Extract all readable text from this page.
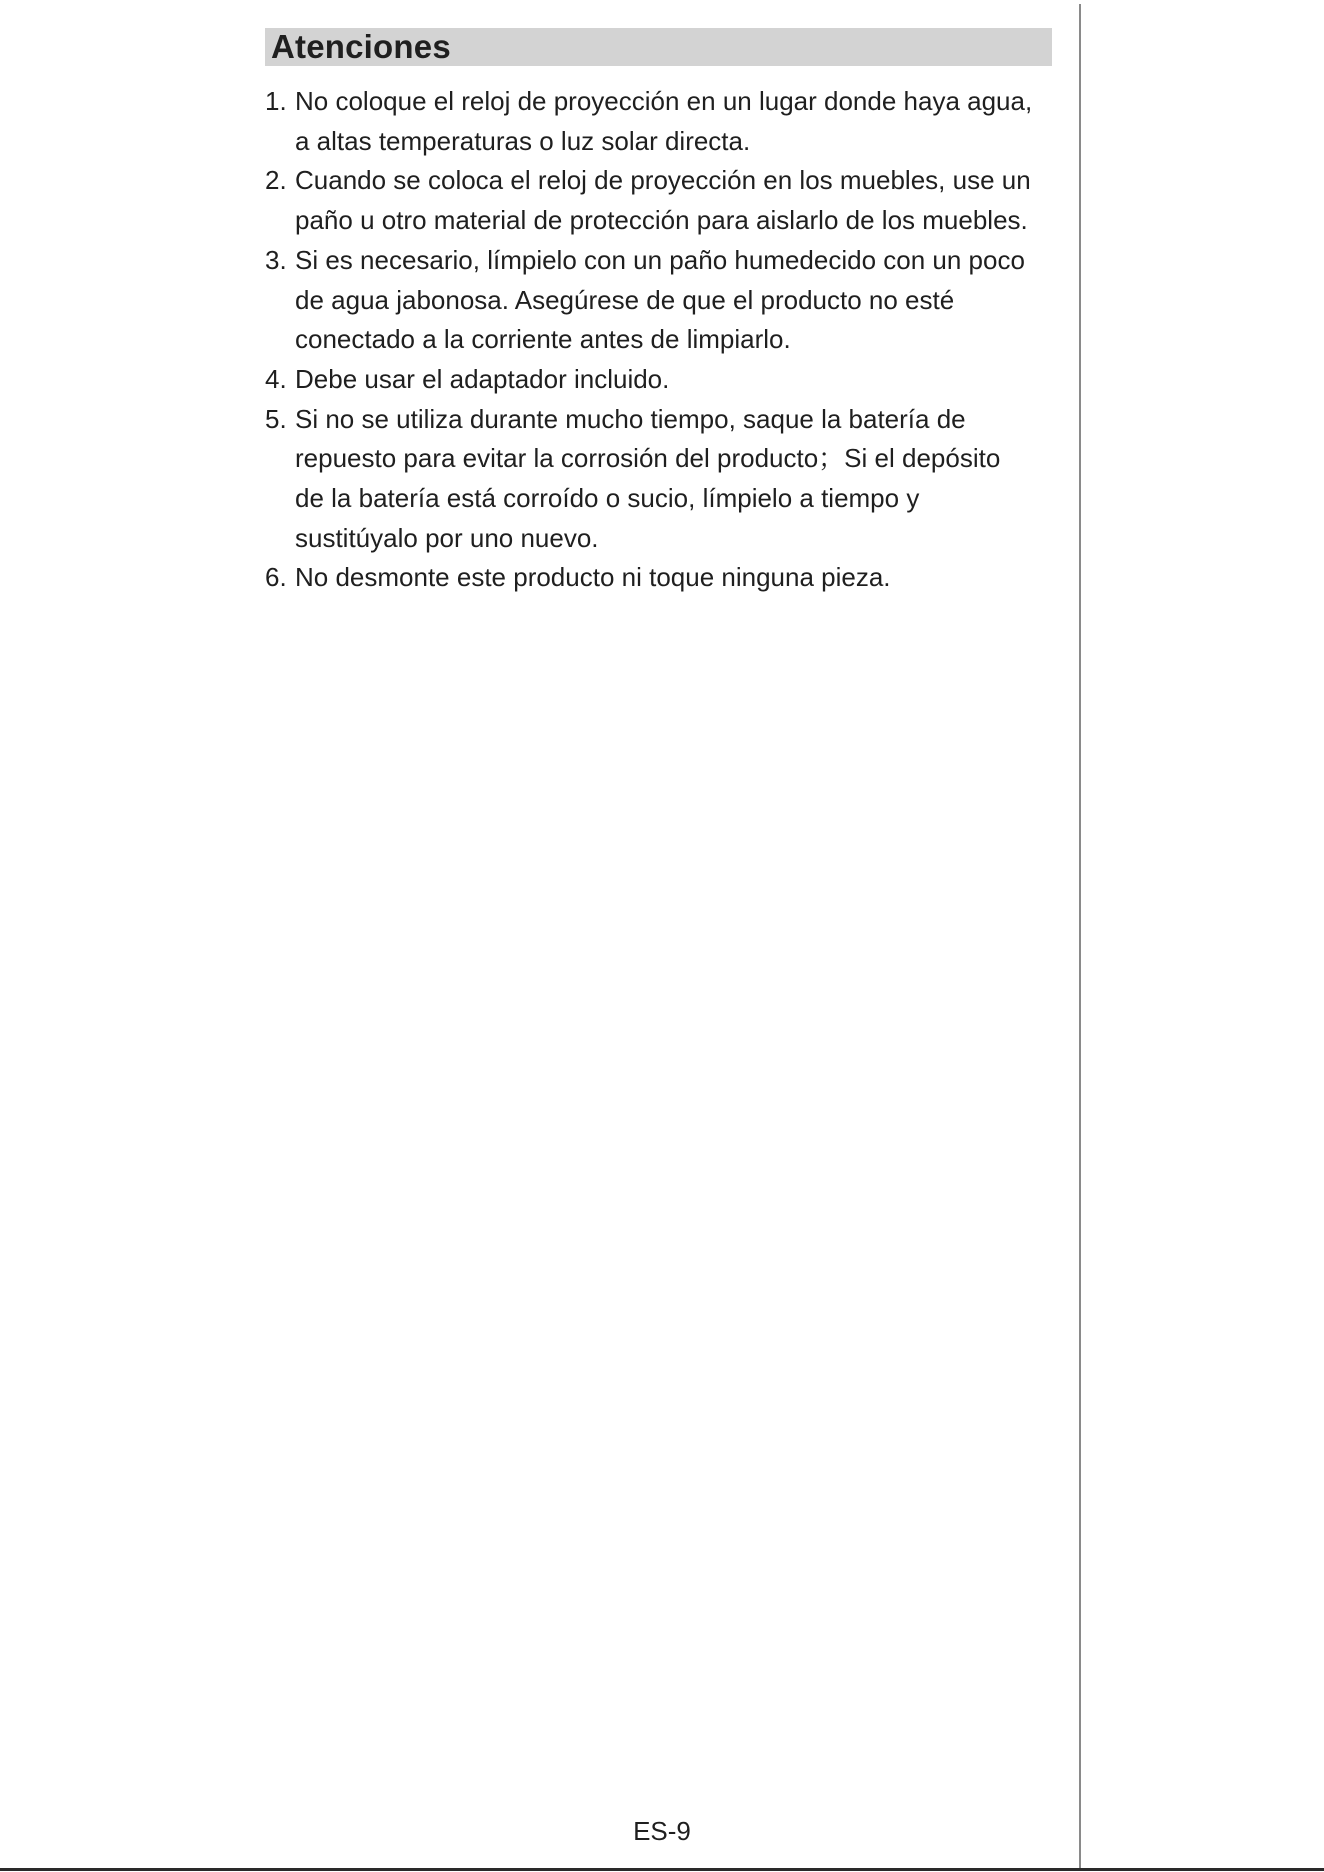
Atenciones
1. No coloque el reloj de proyección en un lugar donde haya agua,
a altas temperaturas o luz solar directa.
2. Cuando se coloca el reloj de proyección en los muebles, use un
paño u otro material de protección para aislarlo de los muebles.
3. Si es necesario, límpielo con un paño humedecido con un poco
de agua jabonosa. Asegúrese de que el producto no esté
conectado a la corriente antes de limpiarlo.
4. Debe usar el adaptador incluido.
5. Si no se utiliza durante mucho tiempo, saque la batería de
repuesto para evitar la corrosión del producto；Si el depósito
de la batería está corroído o sucio, límpielo a tiempo y
sustitúyalo por uno nuevo.
6. No desmonte este producto ni toque ninguna pieza.
ES-9
